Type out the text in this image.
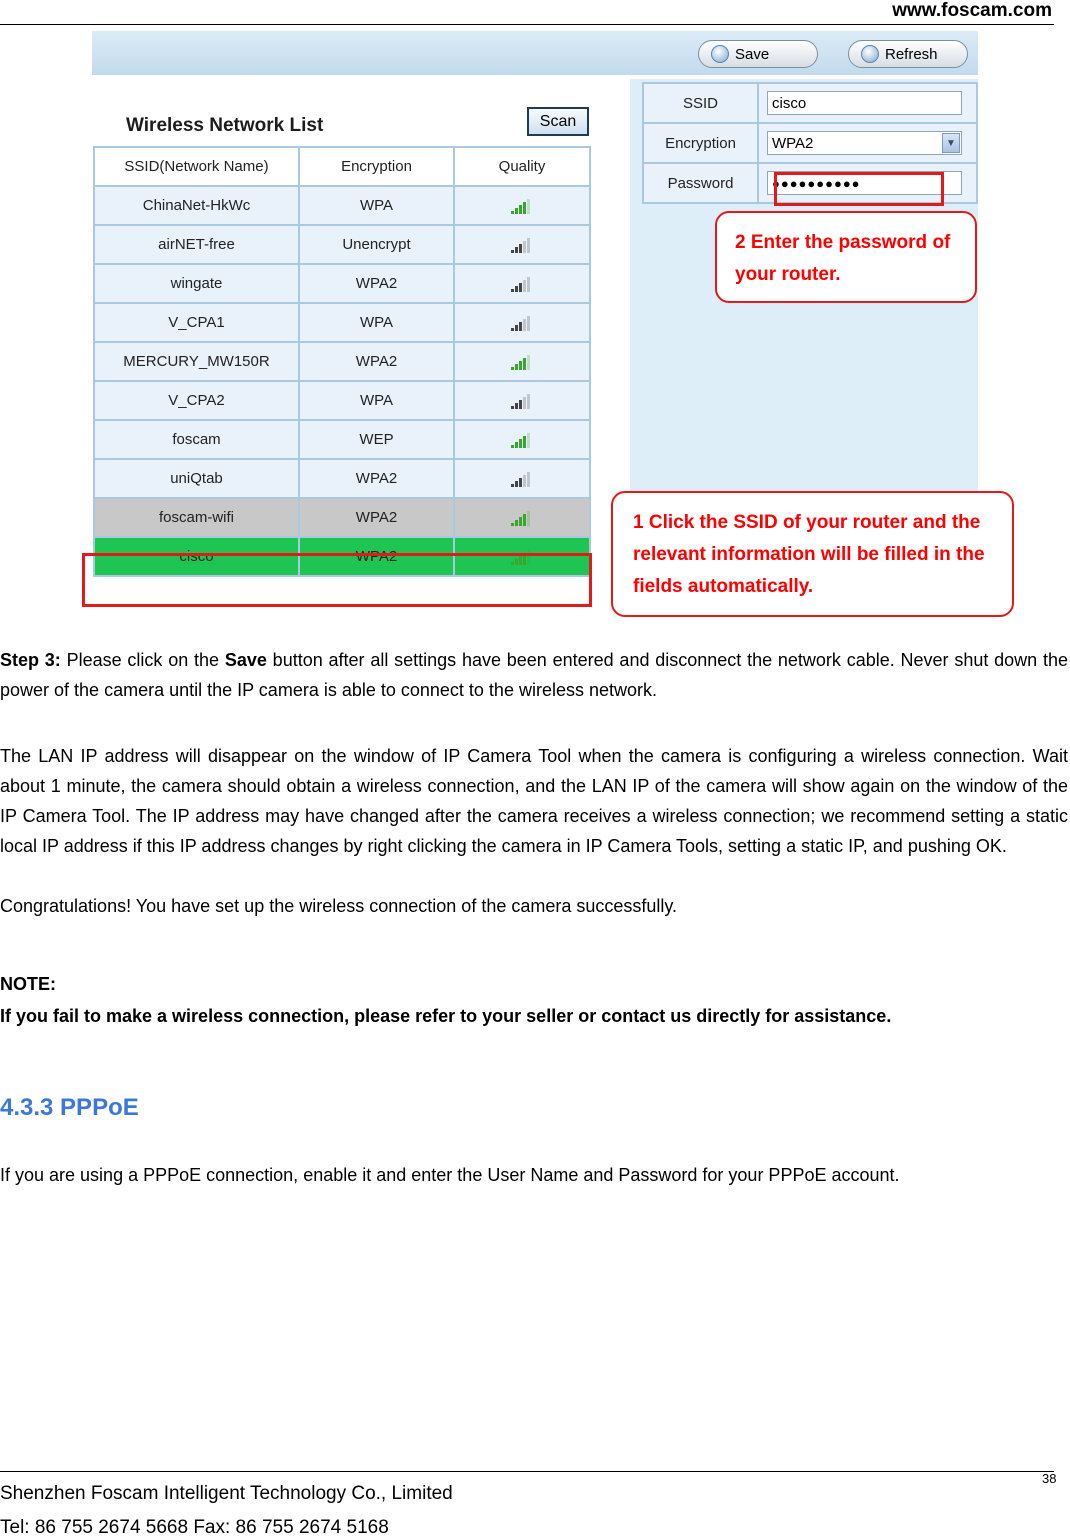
www.foscam.com
Save	Refresh
Wireless Network List	Scan
SSID(Network Name)	Encryption	Quality
ChinaNet-HkWc	WPA	

airNET-free	Unencrypt	

wingate	WPA2	

V_CPA1	WPA	

MERCURY_MW150R	WPA2	

V_CPA2	WPA	

foscam	WEP	

uniQtab	WPA2	

foscam-wifi	WPA2	

cisco	WPA2	
SSID	cisco

Encryption	WPA2 ▼

Password	●●●●●●●●●●
2 Enter the password of your router.
1 Click the SSID of your router and the relevant information will be filled in the fields automatically.
Step 3: Please click on the Save button after all settings have been entered and disconnect the network cable. Never shut down the power of the camera until the IP camera is able to connect to the wireless network.
The LAN IP address will disappear on the window of IP Camera Tool when the camera is configuring a wireless connection. Wait about 1 minute, the camera should obtain a wireless connection, and the LAN IP of the camera will show again on the window of the IP Camera Tool. The IP address may have changed after the camera receives a wireless connection; we recommend setting a static local IP address if this IP address changes by right clicking the camera in IP Camera Tools, setting a static IP, and pushing OK.
Congratulations! You have set up the wireless connection of the camera successfully.
NOTE:
If you fail to make a wireless connection, please refer to your seller or contact us directly for assistance.
4.3.3 PPPoE
If you are using a PPPoE connection, enable it and enter the User Name and Password for your PPPoE account.
38
Shenzhen Foscam Intelligent Technology Co., Limited
Tel: 86 755 2674 5668 Fax: 86 755 2674 5168
